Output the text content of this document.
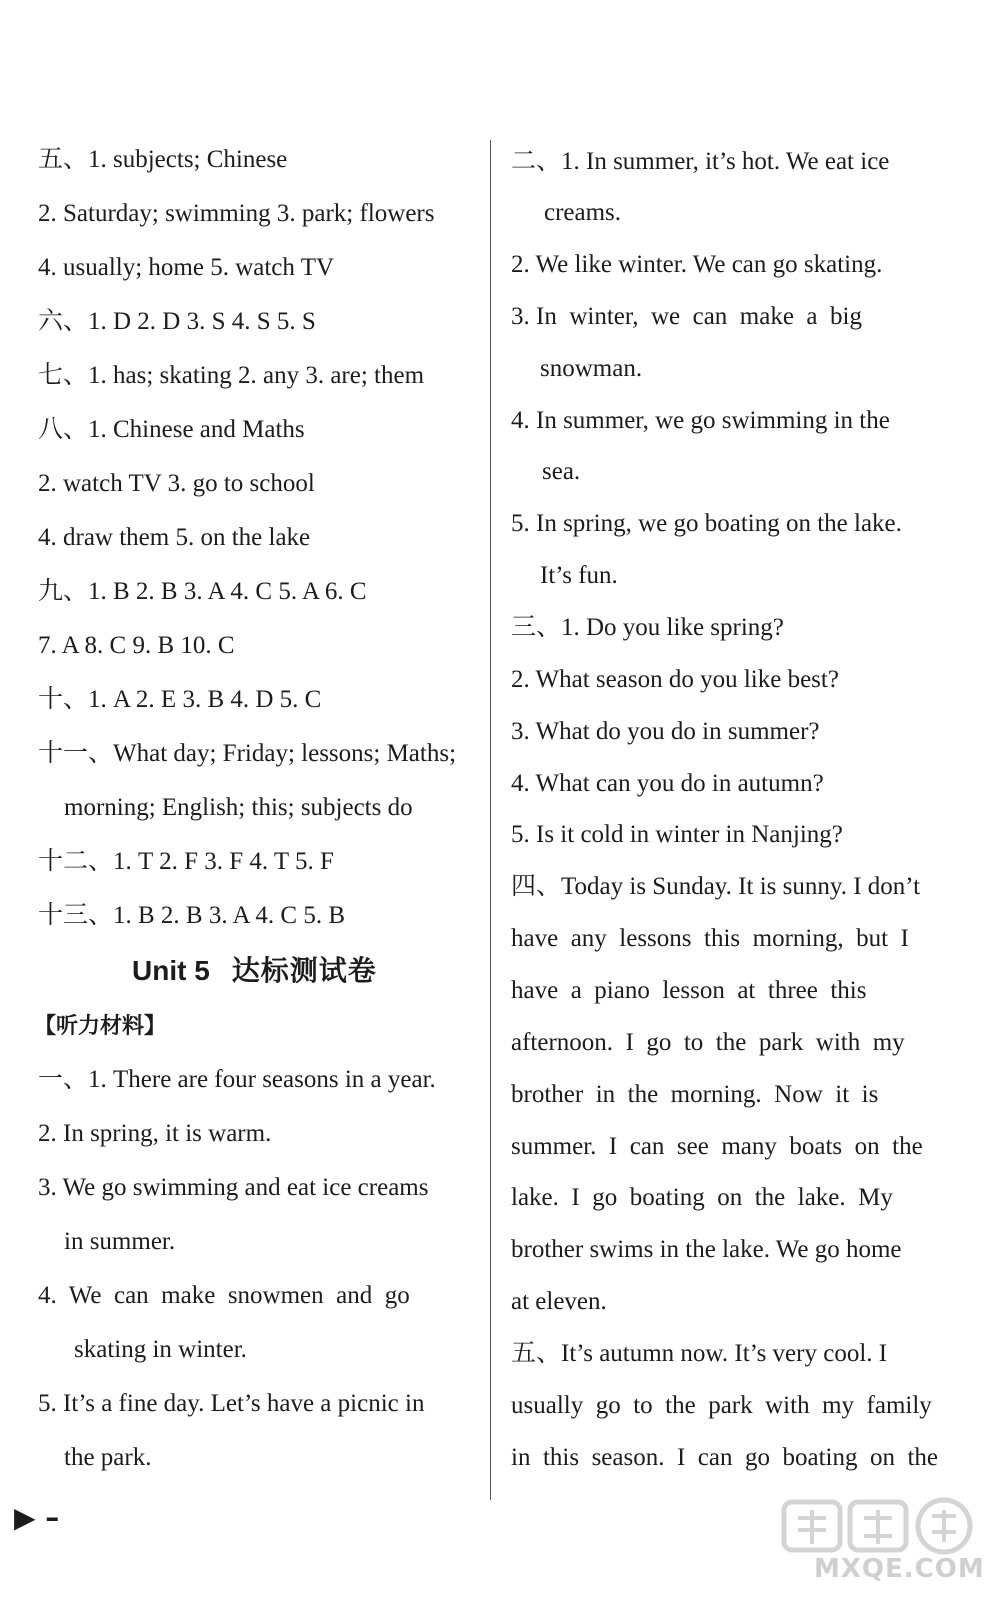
五、1. subjects; Chinese
2. Saturday; swimming 3. park; flowers
4. usually; home 5. watch TV
六、1. D 2. D 3. S 4. S 5. S
七、1. has; skating 2. any 3. are; them
八、1. Chinese and Maths
2. watch TV 3. go to school
4. draw them 5. on the lake
九、1. B 2. B 3. A 4. C 5. A 6. C
7. A 8. C 9. B 10. C
十、1. A 2. E 3. B 4. D 5. C
十一、What day; Friday; lessons; Maths;
morning; English; this; subjects do
十二、1. T 2. F 3. F 4. T 5. F
十三、1. B 2. B 3. A 4. C 5. B
Unit 5 达标测试卷
【听力材料】
一、1. There are four seasons in a year.
2. In spring, it is warm.
3. We go swimming and eat ice creams
in summer.
4.  We  can  make  snowmen  and  go
skating in winter.
5. It’s a fine day. Let’s have a picnic in
the park.
二、1. In summer, it’s hot. We eat ice
creams.
2. We like winter. We can go skating.
3. In  winter,  we  can  make  a  big
snowman.
4. In summer, we go swimming in the
sea.
5. In spring, we go boating on the lake.
It’s fun.
三、1. Do you like spring?
2. What season do you like best?
3. What do you do in summer?
4. What can you do in autumn?
5. Is it cold in winter in Nanjing?
四、Today is Sunday. It is sunny. I don’t
have  any  lessons  this  morning,  but  I
have  a  piano  lesson  at  three  this
afternoon.  I  go  to  the  park  with  my
brother  in  the  morning.  Now  it  is
summer.  I  can  see  many  boats  on  the
lake.  I  go  boating  on  the  lake.  My
brother swims in the lake. We go home
at eleven.
五、It’s autumn now. It’s very cool. I
usually  go  to  the  park  with  my  family
in  this  season.  I  can  go  boating  on  the
▶ –
MXQE.COM
